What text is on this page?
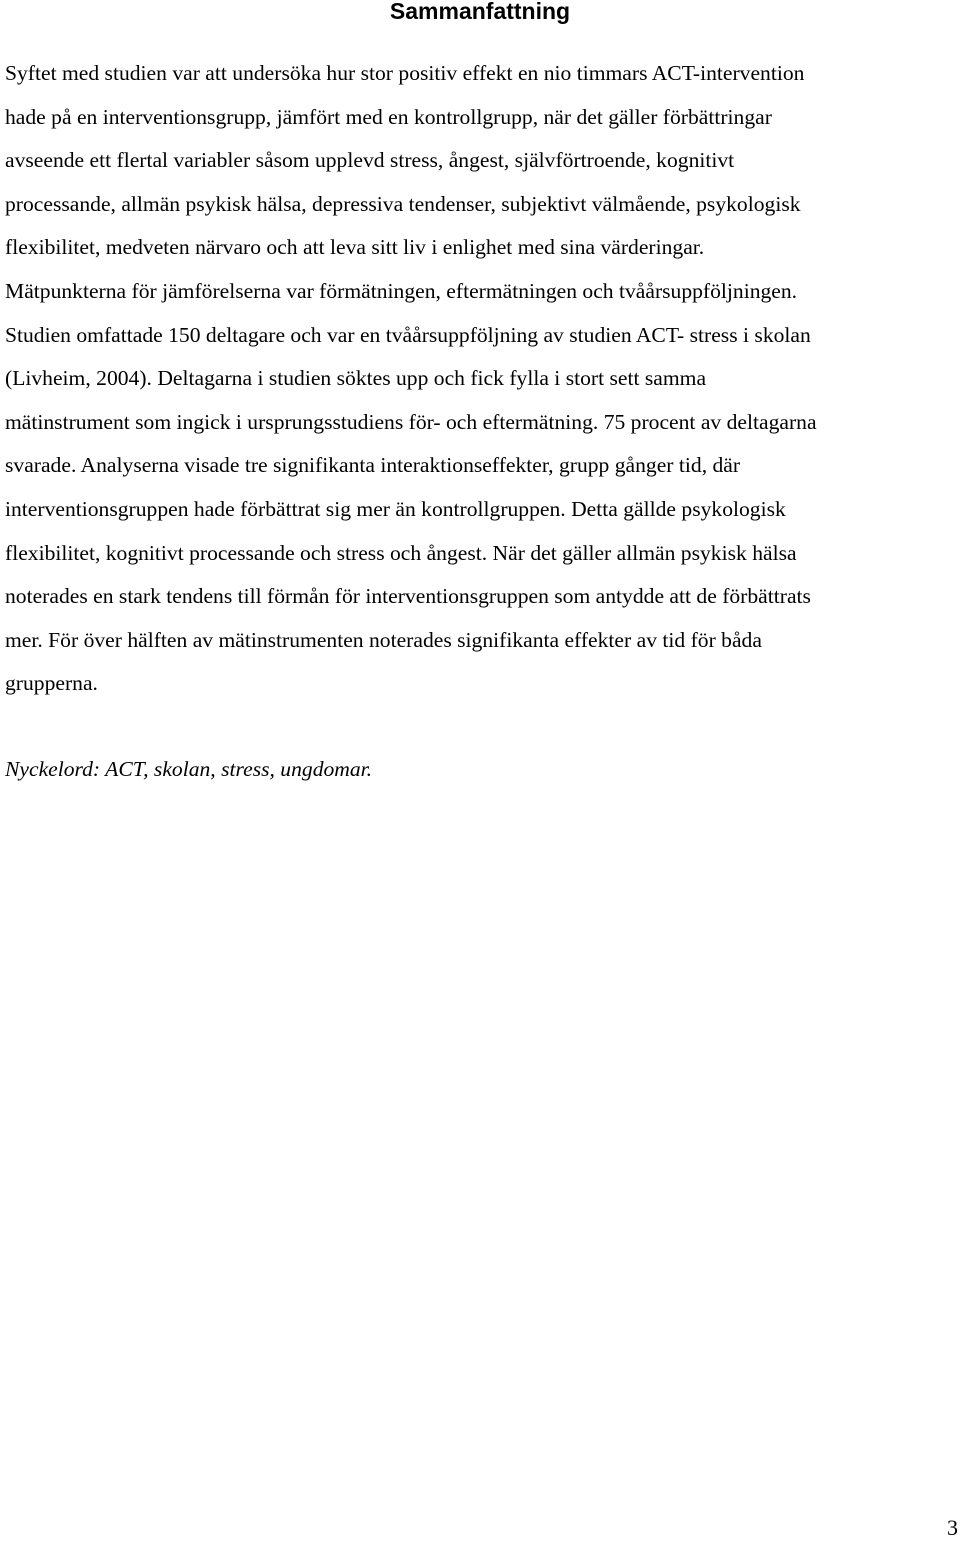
Sammanfattning
Syftet med studien var att undersöka hur stor positiv effekt en nio timmars ACT-intervention
hade på en interventionsgrupp, jämfört med en kontrollgrupp, när det gäller förbättringar
avseende ett flertal variabler såsom upplevd stress, ångest, självförtroende, kognitivt
processande, allmän psykisk hälsa, depressiva tendenser, subjektivt välmående, psykologisk
flexibilitet, medveten närvaro och att leva sitt liv i enlighet med sina värderingar.
Mätpunkterna för jämförelserna var förmätningen, eftermätningen och tvåårsuppföljningen.
Studien omfattade 150 deltagare och var en tvåårsuppföljning av studien ACT- stress i skolan
(Livheim, 2004). Deltagarna i studien söktes upp och fick fylla i stort sett samma
mätinstrument som ingick i ursprungsstudiens för- och eftermätning. 75 procent av deltagarna
svarade. Analyserna visade tre signifikanta interaktionseffekter, grupp gånger tid, där
interventionsgruppen hade förbättrat sig mer än kontrollgruppen. Detta gällde psykologisk
flexibilitet, kognitivt processande och stress och ångest. När det gäller allmän psykisk hälsa
noterades en stark tendens till förmån för interventionsgruppen som antydde att de förbättrats
mer. För över hälften av mätinstrumenten noterades signifikanta effekter av tid för båda
grupperna.

Nyckelord: ACT, skolan, stress, ungdomar.

3
